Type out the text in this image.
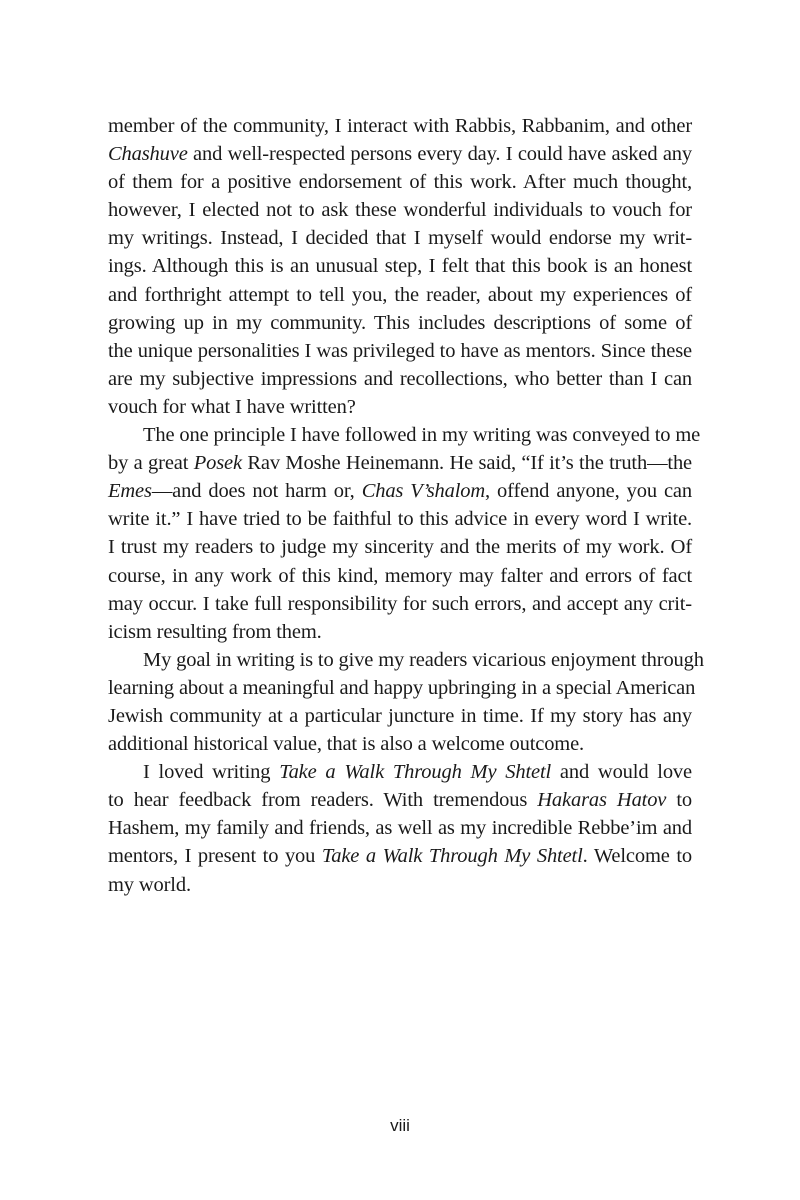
member of the community, I interact with Rabbis, Rabbanim, and other
Chashuve and well-respected persons every day. I could have asked any
of them for a positive endorsement of this work. After much thought,
however, I elected not to ask these wonderful individuals to vouch for
my writings. Instead, I decided that I myself would endorse my writ-
ings. Although this is an unusual step, I felt that this book is an honest
and forthright attempt to tell you, the reader, about my experiences of
growing up in my community. This includes descriptions of some of
the unique personalities I was privileged to have as mentors. Since these
are my subjective impressions and recollections, who better than I can
vouch for what I have written?
The one principle I have followed in my writing was conveyed to me
by a great Posek Rav Moshe Heinemann. He said, “If it’s the truth—the
Emes—and does not harm or, Chas V’shalom, offend anyone, you can
write it.” I have tried to be faithful to this advice in every word I write.
I trust my readers to judge my sincerity and the merits of my work. Of
course, in any work of this kind, memory may falter and errors of fact
may occur. I take full responsibility for such errors, and accept any crit-
icism resulting from them.
My goal in writing is to give my readers vicarious enjoyment through
learning about a meaningful and happy upbringing in a special American
Jewish community at a particular juncture in time. If my story has any
additional historical value, that is also a welcome outcome.
I loved writing Take a Walk Through My Shtetl and would love
to hear feedback from readers. With tremendous Hakaras Hatov to
Hashem, my family and friends, as well as my incredible Rebbe’im and
mentors, I present to you Take a Walk Through My Shtetl. Welcome to
my world.
viii
